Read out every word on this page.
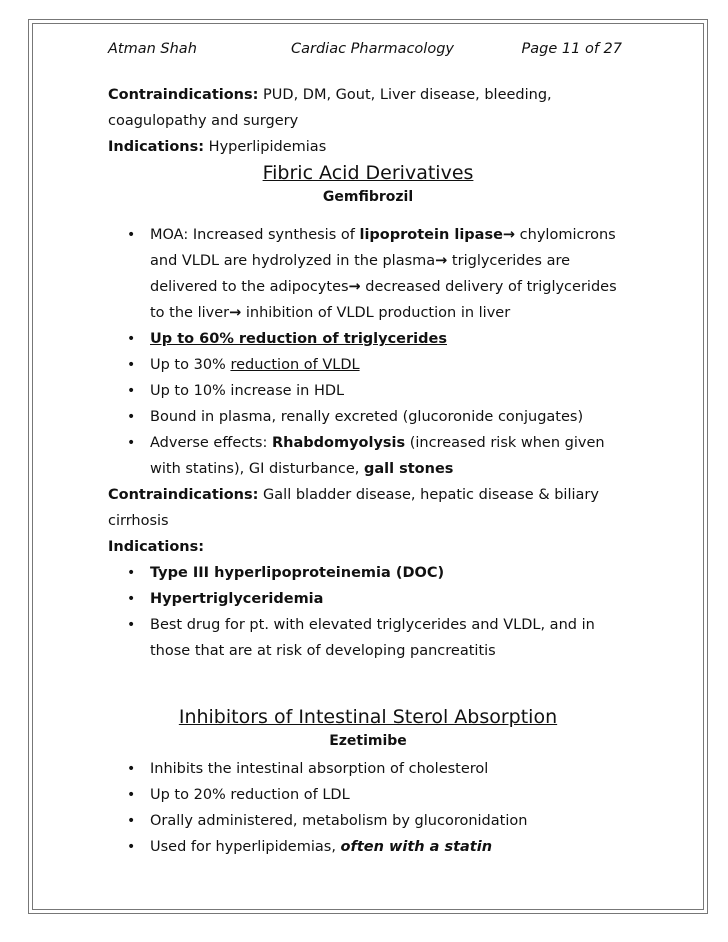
Atman Shah	Cardiac Pharmacology	Page 11 of 27
Contraindications: PUD, DM, Gout, Liver disease, bleeding,
coagulopathy and surgery
Indications: Hyperlipidemias
Fibric Acid Derivatives
Gemfibrozil
• MOA: Increased synthesis of lipoprotein lipase→ chylomicrons
and VLDL are hydrolyzed in the plasma→ triglycerides are
delivered to the adipocytes→ decreased delivery of triglycerides
to the liver→ inhibition of VLDL production in liver
• Up to 60% reduction of triglycerides
• Up to 30% reduction of VLDL
• Up to 10% increase in HDL
• Bound in plasma, renally excreted (glucoronide conjugates)
• Adverse effects: Rhabdomyolysis (increased risk when given
with statins), GI disturbance, gall stones
Contraindications: Gall bladder disease, hepatic disease & biliary
cirrhosis
Indications:
• Type III hyperlipoproteinemia (DOC)
• Hypertriglyceridemia
• Best drug for pt. with elevated triglycerides and VLDL, and in
those that are at risk of developing pancreatitis
Inhibitors of Intestinal Sterol Absorption
Ezetimibe
• Inhibits the intestinal absorption of cholesterol
• Up to 20% reduction of LDL
• Orally administered, metabolism by glucoronidation
• Used for hyperlipidemias, often with a statin
